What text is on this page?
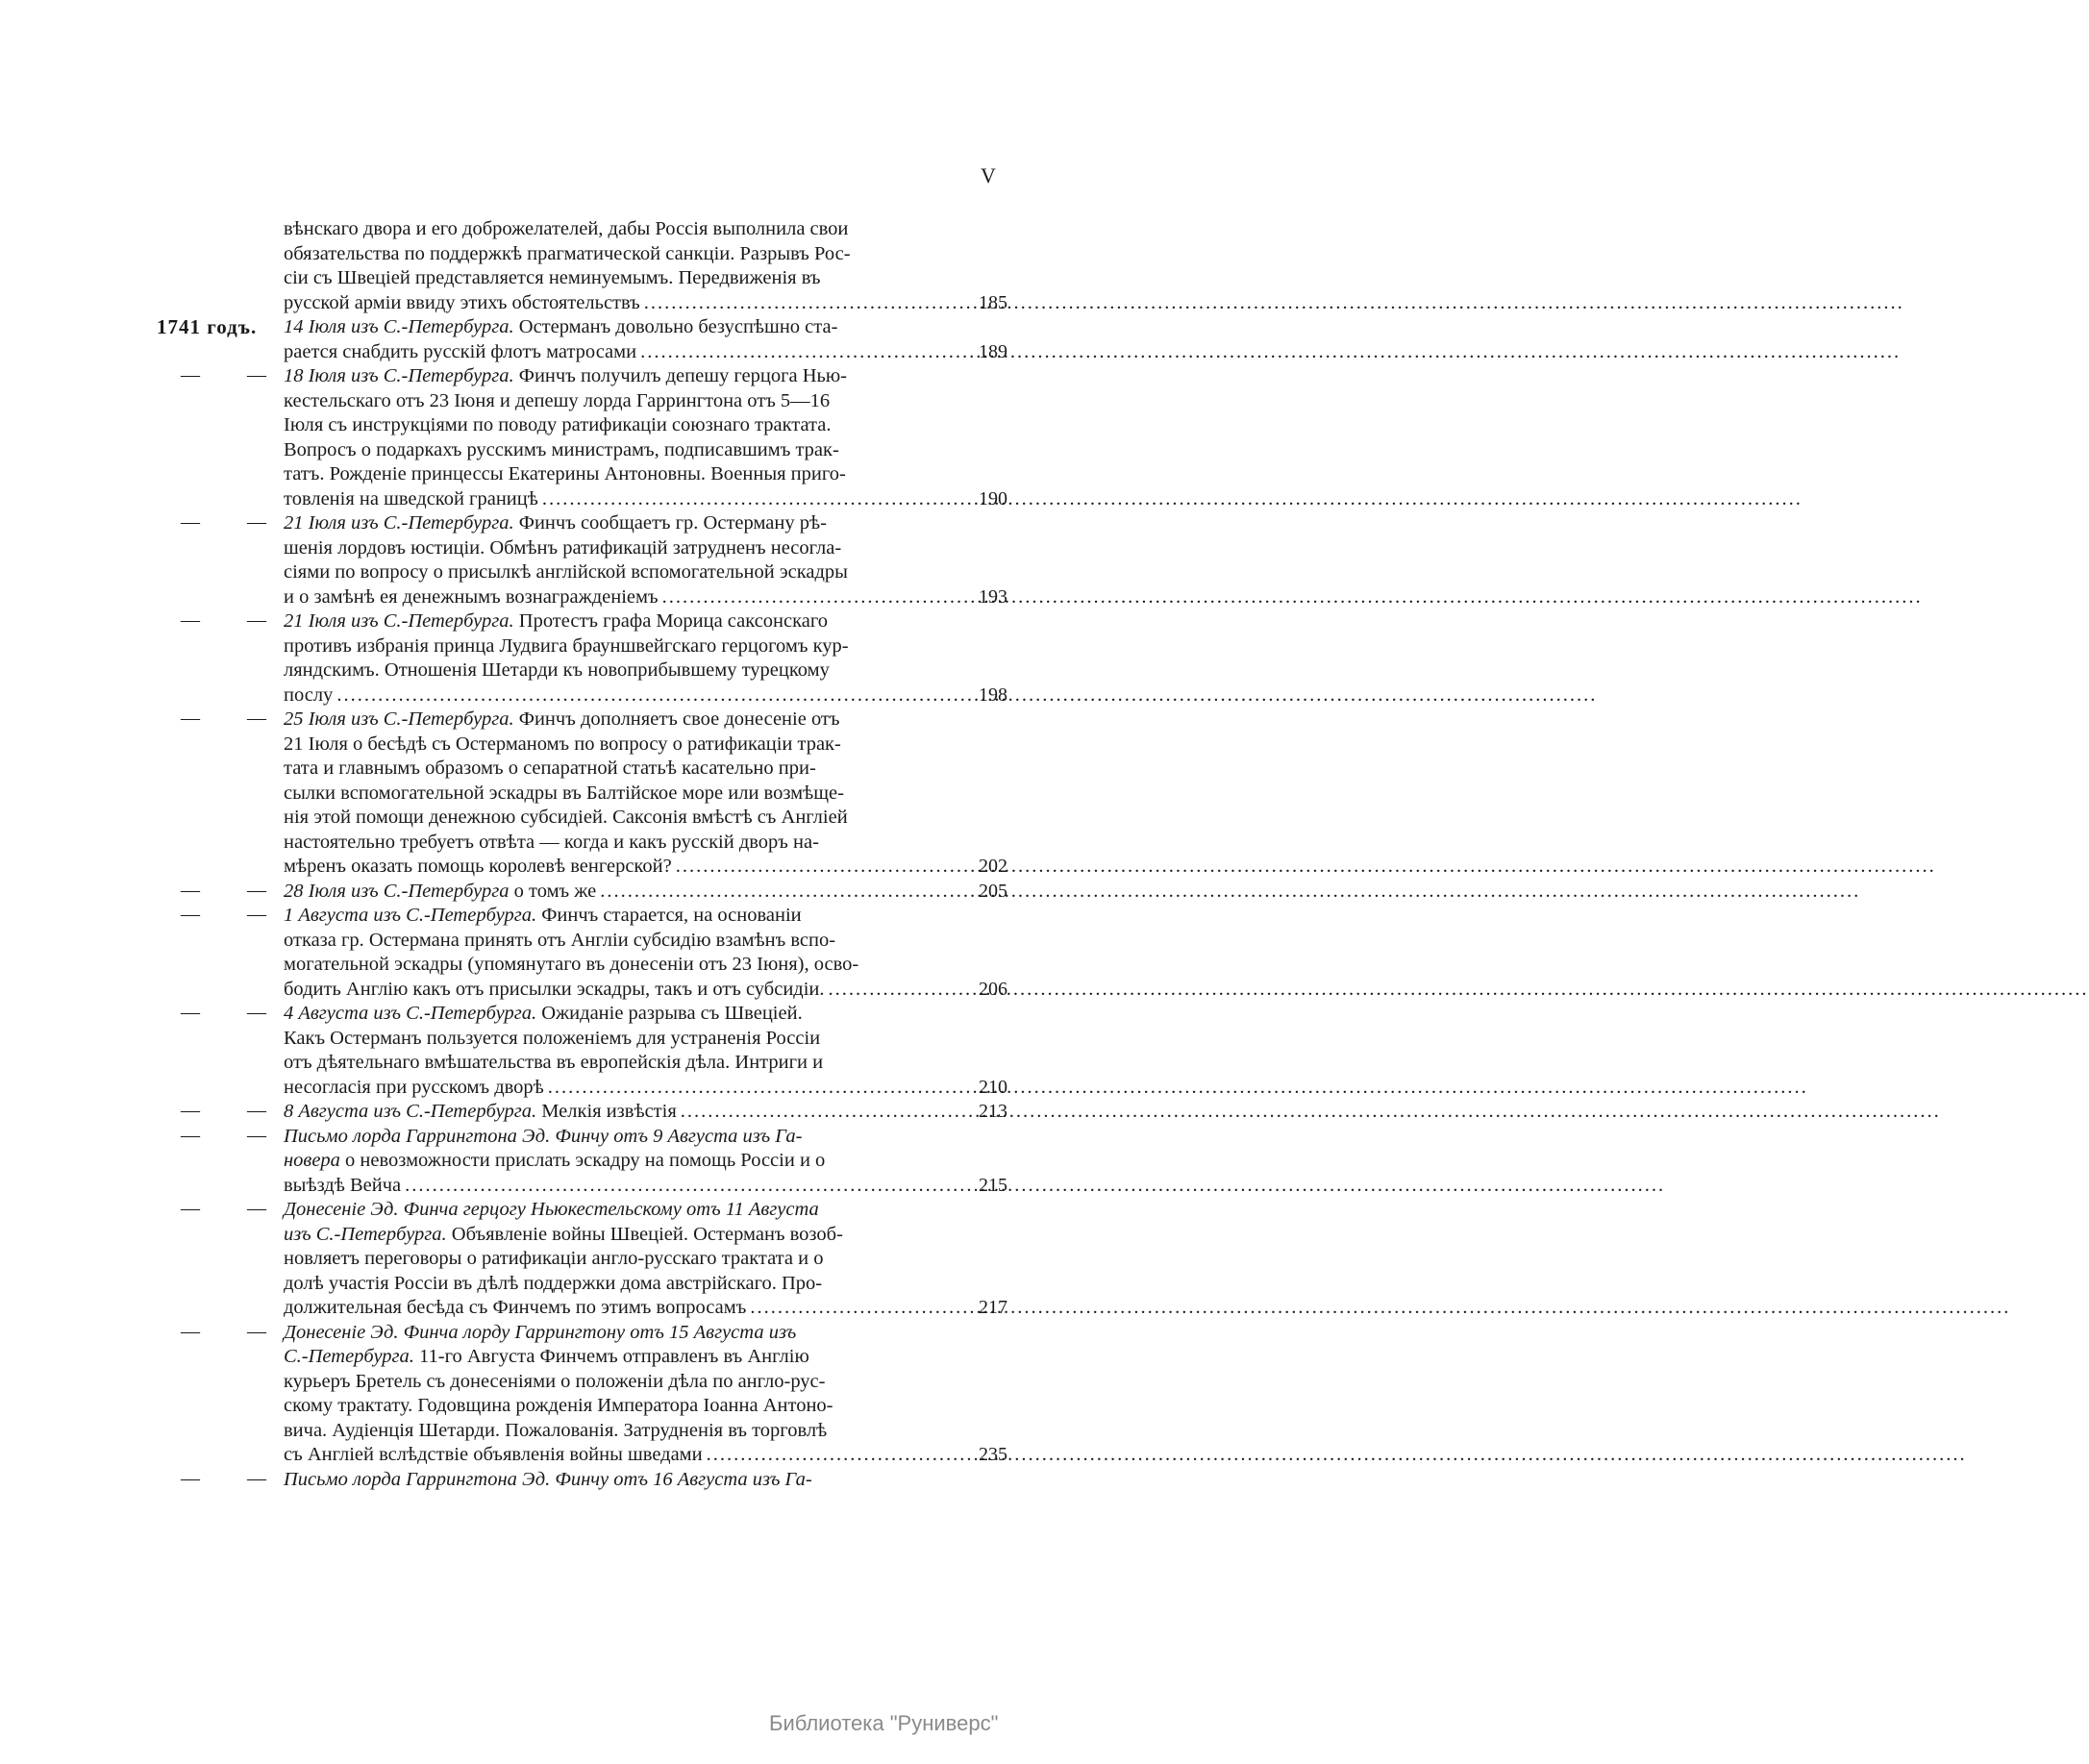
V
вѣнскаго двора и его доброжелателей, дабы Россія выполнила свои
обязательства по поддержкѣ прагматической санкціи. Разрывъ Рос-
сіи съ Швеціей представляется неминуемымъ. Передвиженія въ
русской арміи ввиду этихъ обстоятельствъ .....	185
1741 годъ.	14 Іюля изъ С.-Петербурга. Остерманъ довольно безуспѣшно ста-
рается снабдить русскій флотъ матросами .....	189
— —
18 Іюля изъ С.-Петербурга. Финчъ получилъ депешу герцога Нью-
кестельскаго отъ 23 Іюня и депешу лорда Гаррингтона отъ 5—16
Іюля съ инструкціями по поводу ратификаціи союзнаго трактата.
Вопросъ о подаркахъ русскимъ министрамъ, подписавшимъ трак-
татъ. Рожденіе принцессы Екатерины Антоновны. Военныя приго-
товленія на шведской границѣ .....	190
— —
21 Іюля изъ С.-Петербурга. Финчъ сообщаетъ гр. Остерману рѣ-
шенія лордовъ юстиціи. Обмѣнъ ратификацій затрудненъ несогла-
сіями по вопросу о присылкѣ англійской вспомогательной эскадры
и о замѣнѣ ея денежнымъ вознагражденіемъ .....	193
— —
21 Іюля изъ С.-Петербурга. Протестъ графа Морица саксонскаго
противъ избранія принца Лудвига брауншвейгскаго герцогомъ кур-
ляндскимъ. Отношенія Шетарди къ новоприбывшему турецкому
послу .....	198
— —
25 Іюля изъ С.-Петербурга. Финчъ дополняетъ свое донесеніе отъ
21 Іюля о бесѣдѣ съ Остерманомъ по вопросу о ратификаціи трак-
тата и главнымъ образомъ о сепаратной статьѣ касательно при-
сылки вспомогательной эскадры въ Балтійское море или возмѣще-
нія этой помощи денежною субсидіей. Саксонія вмѣстѣ съ Англіей
настоятельно требуетъ отвѣта — когда и какъ русскій дворъ на-
мѣренъ оказать помощь королевѣ венгерской? .....	202
— —
28 Іюля изъ С.-Петербурга о томъ же .....	205
— —
1 Августа изъ С.-Петербурга. Финчъ старается, на основаніи
отказа гр. Остермана принять отъ Англіи субсидію взамѣнъ вспо-
могательной эскадры (упомянутаго въ донесеніи отъ 23 Іюня), осво-
бодить Англію какъ отъ присылки эскадры, такъ и отъ субсидіи. .....	206
— —
4 Августа изъ С.-Петербурга. Ожиданіе разрыва съ Швеціей.
Какъ Остерманъ пользуется положеніемъ для устраненія Россіи
отъ дѣятельнаго вмѣшательства въ европейскія дѣла. Интриги и
несогласія при русскомъ дворѣ .....	210
— —
8 Августа изъ С.-Петербурга. Мелкія извѣстія .....	213
— —
Письмо лорда Гаррингтона Эд. Финчу отъ 9 Августа изъ Га-
новера о невозможности прислать эскадру на помощь Россіи и о
выѣздѣ Вейча .....	215
— —
Донесеніе Эд. Финча герцогу Ньюкестельскому отъ 11 Августа
изъ С.-Петербурга. Объявленіе войны Швеціей. Остерманъ возоб-
новляетъ переговоры о ратификаціи англо-русскаго трактата и о
долѣ участія Россіи въ дѣлѣ поддержки дома австрійскаго. Про-
должительная бесѣда съ Финчемъ по этимъ вопросамъ .....	217
— —
Донесеніе Эд. Финча лорду Гаррингтону отъ 15 Августа изъ
С.-Петербурга. 11-го Августа Финчемъ отправленъ въ Англію
курьеръ Бретель съ донесеніями о положеніи дѣла по англо-рус-
скому трактату. Годовщина рожденія Императора Іоанна Антоно-
вича. Аудіенція Шетарди. Пожалованія. Затрудненія въ торговлѣ
съ Англіей вслѣдствіе объявленія войны шведами .....	235
— —
Письмо лорда Гаррингтона Эд. Финчу отъ 16 Августа изъ Га-
Библиотека "Руниверс"
